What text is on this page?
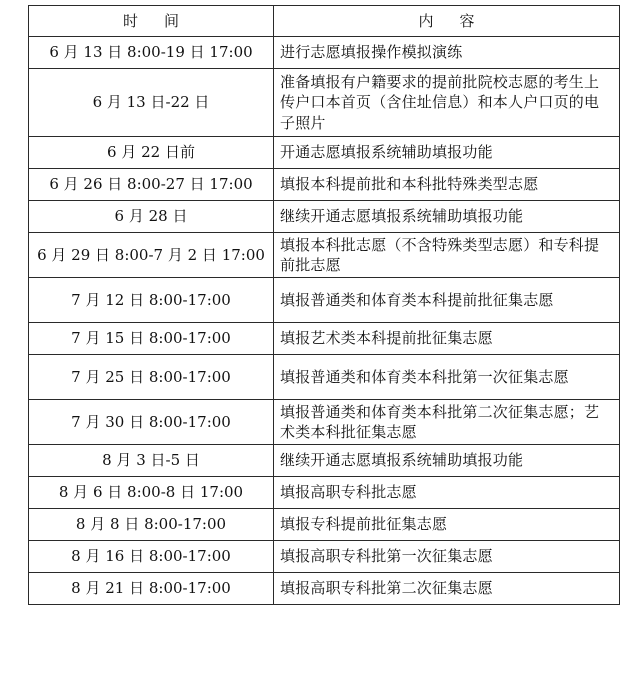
时间	内容
6 月 13 日 8:00-19 日 17:00	进行志愿填报操作模拟演练
6 月 13 日-22 日	准备填报有户籍要求的提前批院校志愿的考生上传户口本首页（含住址信息）和本人户口页的电子照片
6 月 22 日前	开通志愿填报系统辅助填报功能
6 月 26 日 8:00-27 日 17:00	填报本科提前批和本科批特殊类型志愿
6 月 28 日	继续开通志愿填报系统辅助填报功能
6 月 29 日 8:00-7 月 2 日 17:00	填报本科批志愿（不含特殊类型志愿）和专科提前批志愿
7 月 12 日 8:00-17:00	填报普通类和体育类本科提前批征集志愿
7 月 15 日 8:00-17:00	填报艺术类本科提前批征集志愿
7 月 25 日 8:00-17:00	填报普通类和体育类本科批第一次征集志愿
7 月 30 日 8:00-17:00	填报普通类和体育类本科批第二次征集志愿；艺术类本科批征集志愿
8 月 3 日-5 日	继续开通志愿填报系统辅助填报功能
8 月 6 日 8:00-8 日 17:00	填报高职专科批志愿
8 月 8 日 8:00-17:00	填报专科提前批征集志愿
8 月 16 日 8:00-17:00	填报高职专科批第一次征集志愿
8 月 21 日 8:00-17:00	填报高职专科批第二次征集志愿
